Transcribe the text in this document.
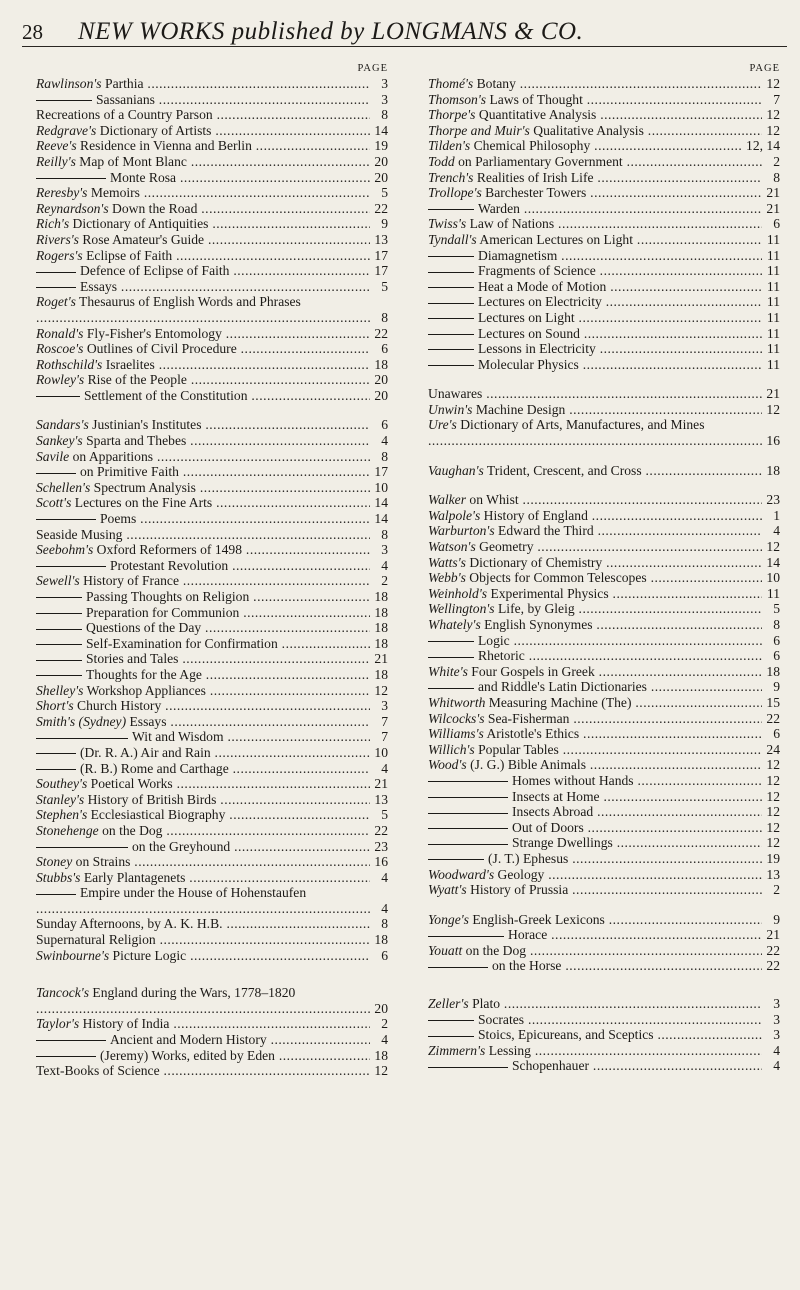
28 NEW WORKS published by LONGMANS & CO.
PAGE
Rawlinson's Parthia .....	3
Sassanians .....	3
Recreations of a Country Parson .....	8
Redgrave's Dictionary of Artists .....	14
Reeve's Residence in Vienna and Berlin .....	19
Reilly's Map of Mont Blanc .....	20
Monte Rosa .....	20
Reresby's Memoirs .....	5
Reynardson's Down the Road .....	22
Rich's Dictionary of Antiquities .....	9
Rivers's Rose Amateur's Guide .....	13
Rogers's Eclipse of Faith .....	17
Defence of Eclipse of Faith .....	17
Essays .....	5
Roget's Thesaurus of English Words and Phrases .....
8
Ronald's Fly-Fisher's Entomology .....	22
Roscoe's Outlines of Civil Procedure .....	6
Rothschild's Israelites .....	18
Rowley's Rise of the People .....	20
Settlement of the Constitution .....	20
Sandars's Justinian's Institutes .....	6
Sankey's Sparta and Thebes .....	4
Savile on Apparitions .....	8
on Primitive Faith .....	17
Schellen's Spectrum Analysis .....	10
Scott's Lectures on the Fine Arts .....	14
Poems .....	14
Seaside Musing .....	8
Seebohm's Oxford Reformers of 1498 .....	3
Protestant Revolution .....	4
Sewell's History of France .....	2
Passing Thoughts on Religion .....	18
Preparation for Communion .....	18
Questions of the Day .....	18
Self-Examination for Confirmation .....	18
Stories and Tales .....	21
Thoughts for the Age .....	18
Shelley's Workshop Appliances .....	12
Short's Church History .....	3
Smith's (Sydney) Essays .....	7
Wit and Wisdom .....	7
(Dr. R. A.) Air and Rain .....	10
(R. B.) Rome and Carthage .....	4
Southey's Poetical Works .....	21
Stanley's History of British Birds .....	13
Stephen's Ecclesiastical Biography .....	5
Stonehenge on the Dog .....	22
on the Greyhound .....	23
Stoney on Strains .....	16
Stubbs's Early Plantagenets .....	4
Empire under the House of Hohenstaufen .....
4
Sunday Afternoons, by A. K. H.B. .....	8
Supernatural Religion .....	18
Swinbourne's Picture Logic .....	6
Tancock's England during the Wars, 1778–1820 .....
20
Taylor's History of India .....	2
Ancient and Modern History .....	4
(Jeremy) Works, edited by Eden .....	18
Text-Books of Science .....	12
PAGE
Thomé's Botany .....	12
Thomson's Laws of Thought .....	7
Thorpe's Quantitative Analysis .....	12
Thorpe and Muir's Qualitative Analysis .....	12
Tilden's Chemical Philosophy .....	12, 14
Todd on Parliamentary Government .....	2
Trench's Realities of Irish Life .....	8
Trollope's Barchester Towers .....	21
Warden .....	21
Twiss's Law of Nations .....	6
Tyndall's American Lectures on Light .....	11
Diamagnetism .....	11
Fragments of Science .....	11
Heat a Mode of Motion .....	11
Lectures on Electricity .....	11
Lectures on Light .....	11
Lectures on Sound .....	11
Lessons in Electricity .....	11
Molecular Physics .....	11
Unawares .....	21
Unwin's Machine Design .....	12
Ure's Dictionary of Arts, Manufactures, and Mines .....
16
Vaughan's Trident, Crescent, and Cross .....	18
Walker on Whist .....	23
Walpole's History of England .....	1
Warburton's Edward the Third .....	4
Watson's Geometry .....	12
Watts's Dictionary of Chemistry .....	14
Webb's Objects for Common Telescopes .....	10
Weinhold's Experimental Physics .....	11
Wellington's Life, by Gleig .....	5
Whately's English Synonymes .....	8
Logic .....	6
Rhetoric .....	6
White's Four Gospels in Greek .....	18
and Riddle's Latin Dictionaries .....	9
Whitworth Measuring Machine (The) .....	15
Wilcocks's Sea-Fisherman .....	22
Williams's Aristotle's Ethics .....	6
Willich's Popular Tables .....	24
Wood's (J. G.) Bible Animals .....	12
Homes without Hands .....	12
Insects at Home .....	12
Insects Abroad .....	12
Out of Doors .....	12
Strange Dwellings .....	12
(J. T.) Ephesus .....	19
Woodward's Geology .....	13
Wyatt's History of Prussia .....	2
Yonge's English-Greek Lexicons .....	9
Horace .....	21
Youatt on the Dog .....	22
on the Horse .....	22
Zeller's Plato .....	3
Socrates .....	3
Stoics, Epicureans, and Sceptics .....	3
Zimmern's Lessing .....	4
Schopenhauer .....	4
